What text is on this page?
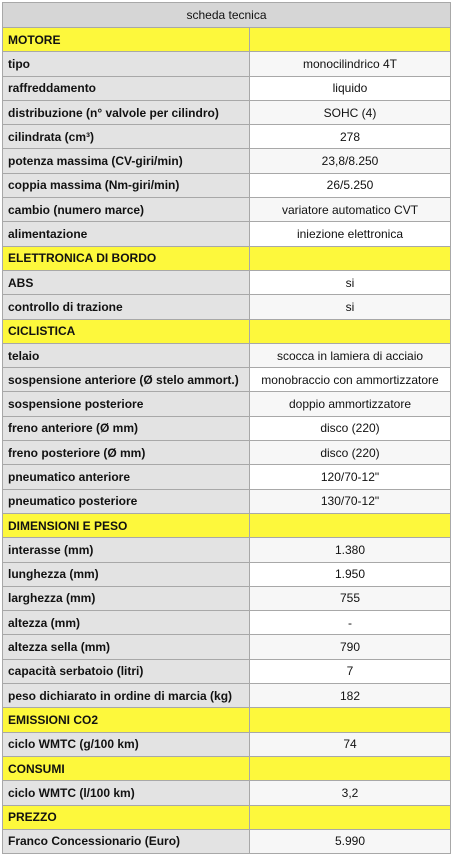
scheda tecnica	
MOTORE	
tipo	monocilindrico 4T
raffreddamento	liquido
distribuzione (n° valvole per cilindro)	SOHC (4)
cilindrata (cm³)	278
potenza massima (CV-giri/min)	23,8/8.250
coppia massima (Nm-giri/min)	26/5.250
cambio (numero marce)	variatore automatico CVT
alimentazione	iniezione elettronica
ELETTRONICA DI BORDO	
ABS	si
controllo di trazione	si
CICLISTICA	
telaio	scocca in lamiera di acciaio
sospensione anteriore (Ø stelo ammort.)	monobraccio con ammortizzatore
sospensione posteriore	doppio ammortizzatore
freno anteriore (Ø mm)	disco (220)
freno posteriore (Ø mm)	disco (220)
pneumatico anteriore	120/70-12"
pneumatico posteriore	130/70-12"
DIMENSIONI E PESO	
interasse (mm)	1.380
lunghezza (mm)	1.950
larghezza (mm)	755
altezza (mm)	-
altezza sella (mm)	790
capacità serbatoio (litri)	7
peso dichiarato in ordine di marcia (kg)	182
EMISSIONI CO2	
ciclo WMTC (g/100 km)	74
CONSUMI	
ciclo WMTC (l/100 km)	3,2
PREZZO	
Franco Concessionario (Euro)	5.990
